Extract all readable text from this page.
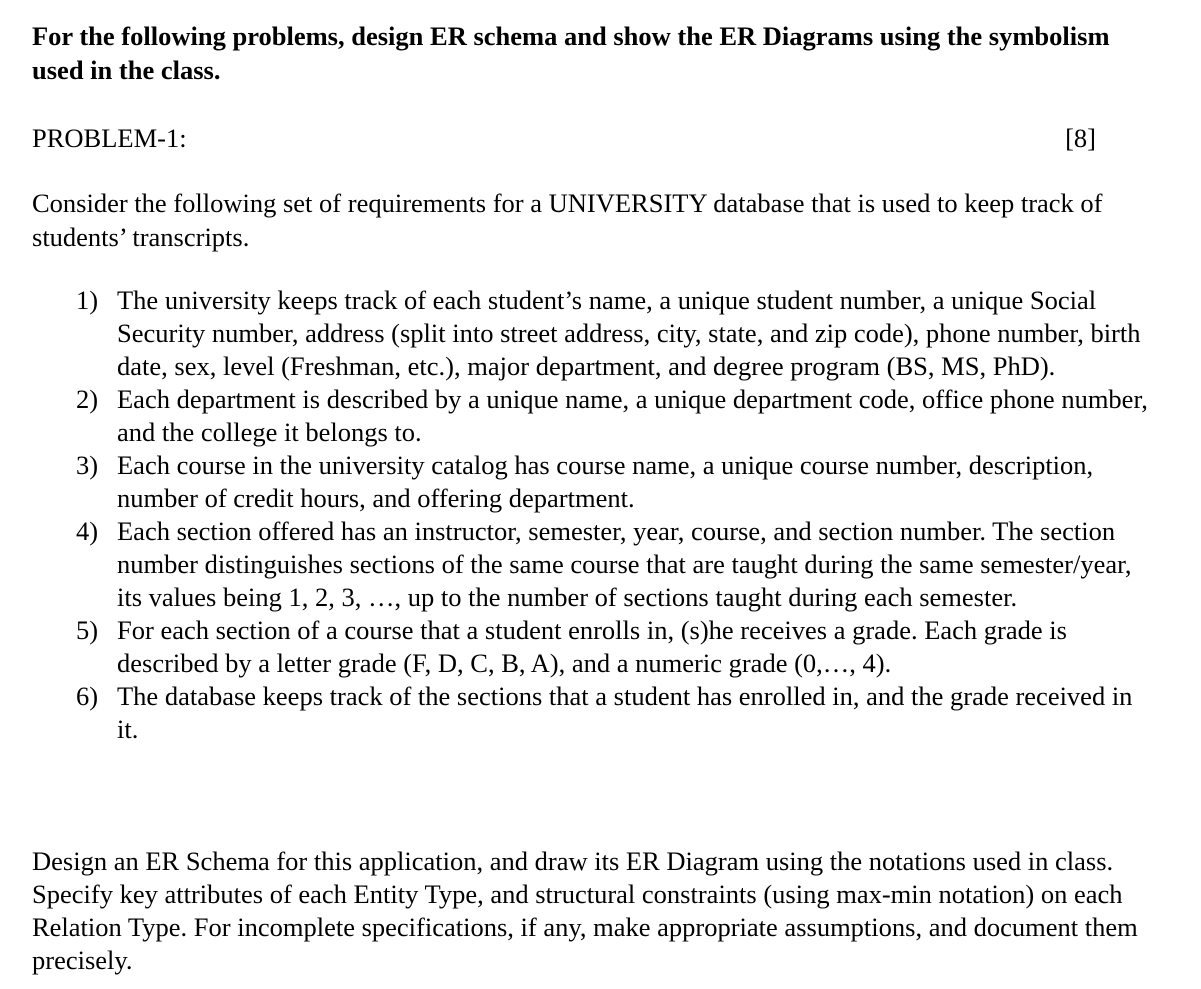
For the following problems, design ER schema and show the ER Diagrams using the symbolism used in the class.

PROBLEM-1:	[8]

Consider the following set of requirements for a UNIVERSITY database that is used to keep track of students’ transcripts.

1) The university keeps track of each student’s name, a unique student number, a unique Social Security number, address (split into street address, city, state, and zip code), phone number, birth date, sex, level (Freshman, etc.), major department, and degree program (BS, MS, PhD).
2) Each department is described by a unique name, a unique department code, office phone number, and the college it belongs to.
3) Each course in the university catalog has course name, a unique course number, description, number of credit hours, and offering department.
4) Each section offered has an instructor, semester, year, course, and section number. The section number distinguishes sections of the same course that are taught during the same semester/year, its values being 1, 2, 3, …, up to the number of sections taught during each semester.
5) For each section of a course that a student enrolls in, (s)he receives a grade. Each grade is described by a letter grade (F, D, C, B, A), and a numeric grade (0,…, 4).
6) The database keeps track of the sections that a student has enrolled in, and the grade received in it.

Design an ER Schema for this application, and draw its ER Diagram using the notations used in class. Specify key attributes of each Entity Type, and structural constraints (using max-min notation) on each Relation Type. For incomplete specifications, if any, make appropriate assumptions, and document them precisely.
